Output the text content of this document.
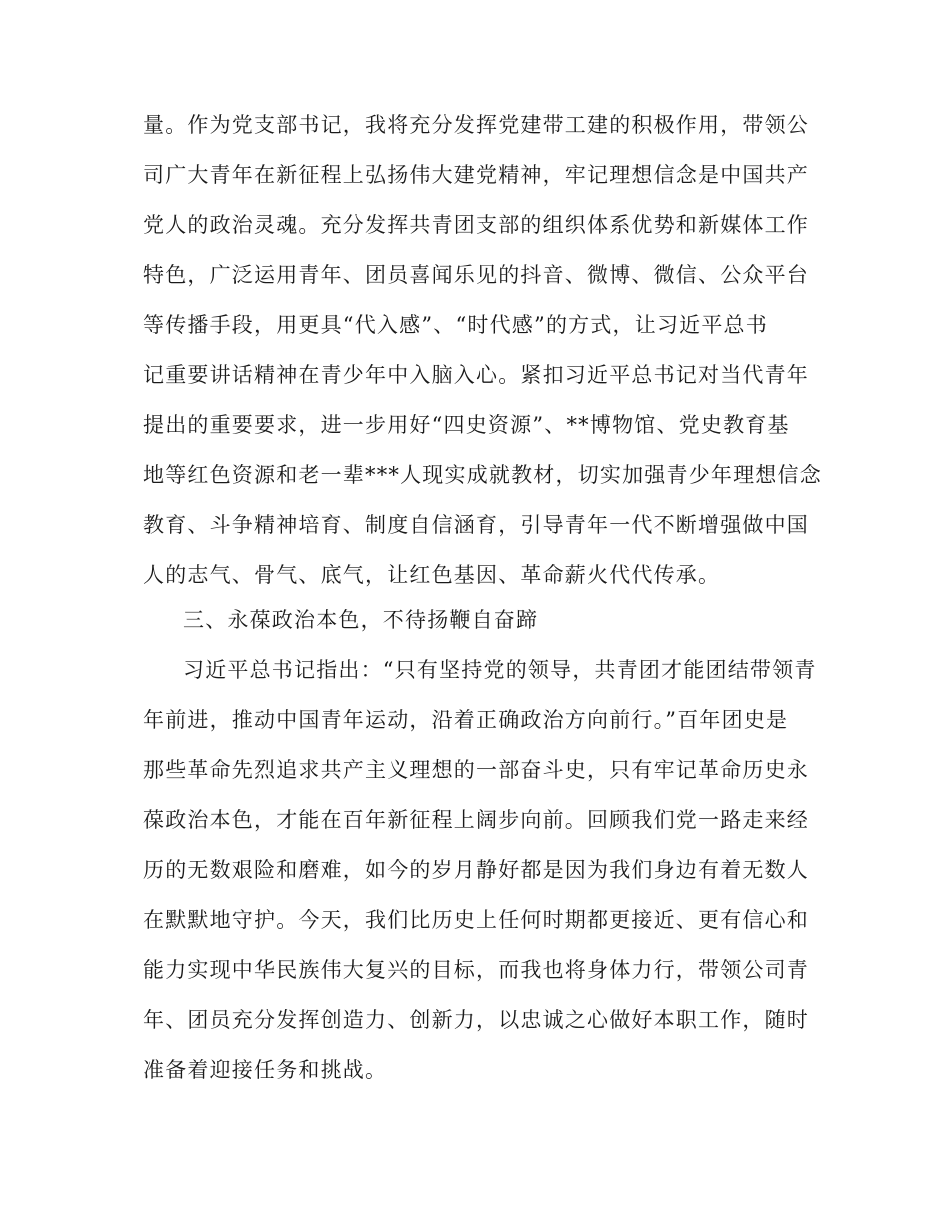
量。作为党支部书记，我将充分发挥党建带工建的积极作用，带领公
司广大青年在新征程上弘扬伟大建党精神，牢记理想信念是中国共产
党人的政治灵魂。充分发挥共青团支部的组织体系优势和新媒体工作
特色，广泛运用青年、团员喜闻乐见的抖音、微博、微信、公众平台
等传播手段，用更具“代入感”、“时代感”的方式，让习近平总书
记重要讲话精神在青少年中入脑入心。紧扣习近平总书记对当代青年
提出的重要要求，进一步用好“四史资源”、**博物馆、党史教育基
地等红色资源和老一辈***人现实成就教材，切实加强青少年理想信念
教育、斗争精神培育、制度自信涵育，引导青年一代不断增强做中国
人的志气、骨气、底气，让红色基因、革命薪火代代传承。
三、永葆政治本色，不待扬鞭自奋蹄
习近平总书记指出：“只有坚持党的领导，共青团才能团结带领青
年前进，推动中国青年运动，沿着正确政治方向前行。”百年团史是
那些革命先烈追求共产主义理想的一部奋斗史，只有牢记革命历史永
葆政治本色，才能在百年新征程上阔步向前。回顾我们党一路走来经
历的无数艰险和磨难，如今的岁月静好都是因为我们身边有着无数人
在默默地守护。今天，我们比历史上任何时期都更接近、更有信心和
能力实现中华民族伟大复兴的目标，而我也将身体力行，带领公司青
年、团员充分发挥创造力、创新力，以忠诚之心做好本职工作，随时
准备着迎接任务和挑战。
